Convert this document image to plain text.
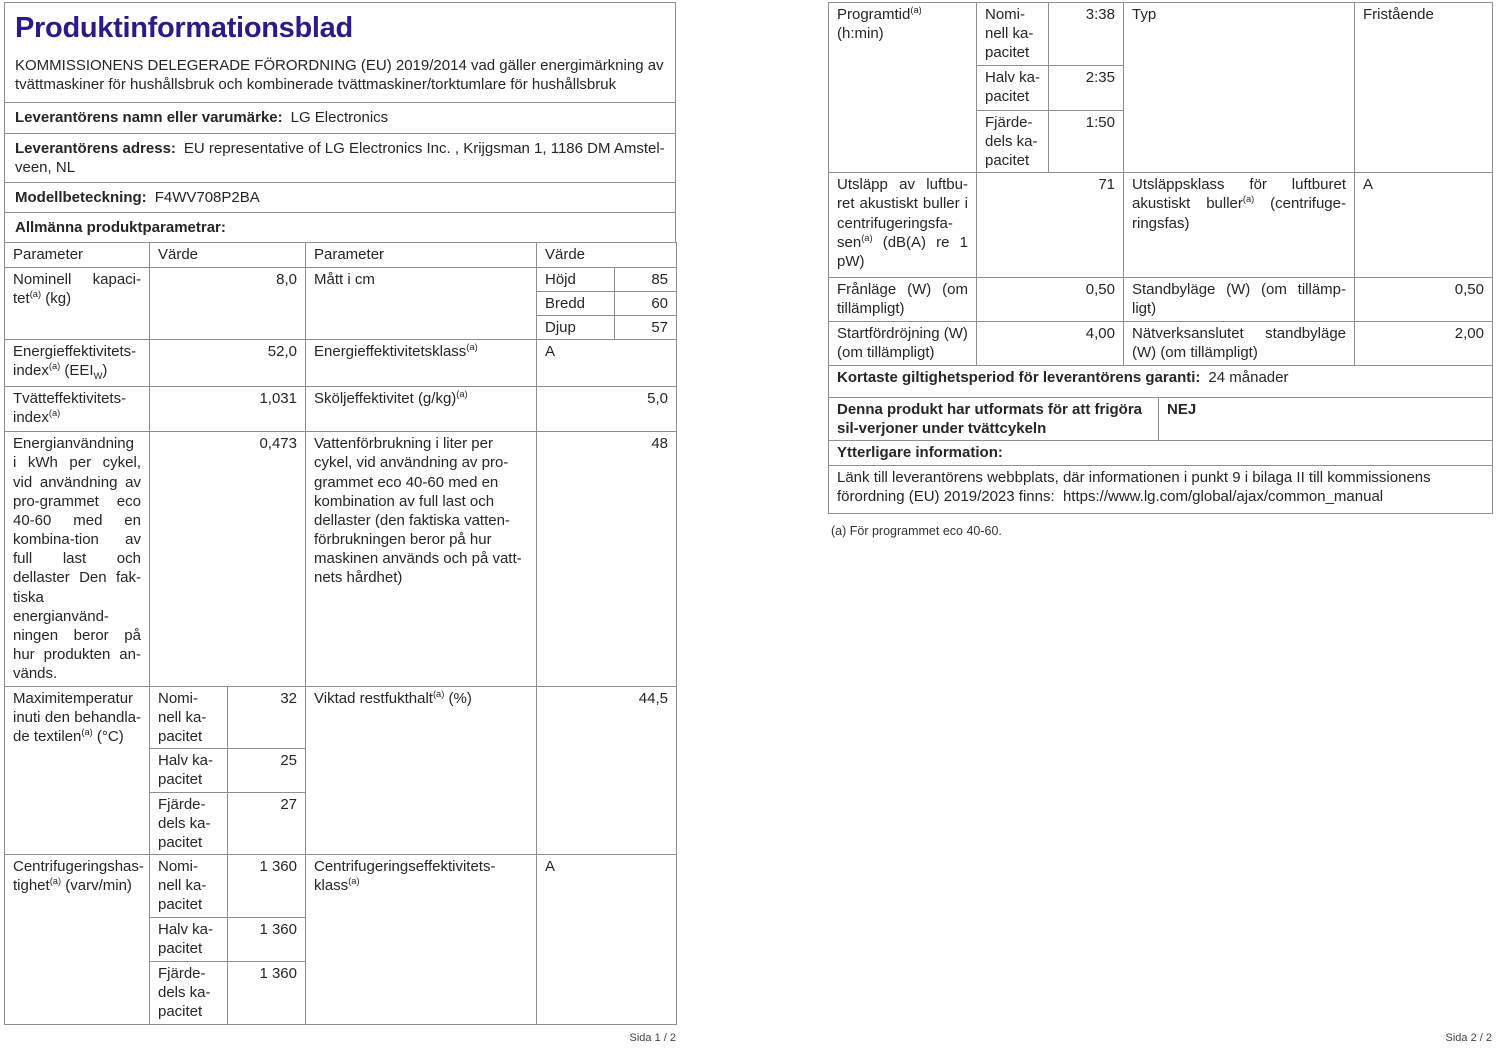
Produktinformationsblad

KOMMISSIONENS DELEGERADE FÖRORDNING (EU) 2019/2014 vad gäller energimärkning av tvättmaskiner för hushållsbruk och kombinerade tvättmaskiner/torktumlare för hushållsbruk

Leverantörens namn eller varumärke: LG Electronics
Leverantörens adress: EU representative of LG Electronics Inc. , Krijgsman 1, 1186 DM Amstel-veen, NL
Modellbeteckning: F4WV708P2BA
Allmänna produktparametrar:
Parameter	Värde		Parameter	Värde	
Nominell kapaci-tet$^{(a)}$ (kg)	8,0		Mått i cm	Höjd	85
				Bredd	60
				Djup	57
Energieffektivitets-index$^{(a)}$ $(EEI_W)$	52,0		Energieffektivitetsklass$^{(a)}$	A	
Tvätteffektivitets-index$^{(a)}$	1,031		Sköljeffektivitet $(g/kg)^{(a)}$	5,0	
Energianvändning i kWh per cykel, vid användning av pro-grammet eco 40-60 med en kombina-tion av full last och dellaster Den fak-tiska energianvänd-ningen beror på hur produkten an-vänds.	0,473		Vattenförbrukning i liter per cykel, vid användning av pro-grammet eco 40-60 med en kombination av full last och dellaster (den faktiska vatten-förbrukningen beror på hur maskinen används och på vatt-nets hårdhet)	48	
Maximitemperatur inuti den behandla-de textilen$^{(a)}$ (°C)	Nomi-nell ka-pacitet	32	Viktad restfukthalt$^{(a)}$ (%)	44,5	
	Halv ka-pacitet	25			
	Fjärde-dels ka-pacitet	27			
Centrifugeringshas-tighet$^{(a)}$ (varv/min)	Nomi-nell ka-pacitet	1 360	Centrifugeringseffektivitets-klass$^{(a)}$	A	
	Halv ka-pacitet	1 360			
	Fjärde-dels ka-pacitet	1 360			
Programtid$^{(a)}$ (h:min)	Nomi-nell ka-pacitet	3:38	Typ	Fristående
	Halv ka-pacitet	2:35		
	Fjärde-dels ka-pacitet	1:50		
Utsläpp av luftbu-ret akustiskt buller i centrifugeringsfa-sen$^{(a)}$ (dB(A) re 1 pW)	71		Utsläppsklass för luftburet akustiskt buller$^{(a)}$ (centrifuge-ringsfas)	A
Frånläge (W) (om tillämpligt)	0,50		Standbyläge (W) (om tillämp-ligt)	0,50
Startfördröjning (W) (om tillämpligt)	4,00		Nätverksanslutet standbyläge (W) (om tillämpligt)	2,00
Kortaste giltighetsperiod för leverantörens garanti: 24 månader				

Denna produkt har utformats för att frigöra sil-verjoner under tvättcykeln
NEJ				

Ytterligare information:				
Länk till leverantörens webbplats, där informationen i punkt 9 i bilaga II till kommissionens förordning (EU) 2019/2023 finns:  https://www.lg.com/global/ajax/common_manual				
(a) För programmet eco 40-60.
Sida 1 / 2	Sida 2 / 2
